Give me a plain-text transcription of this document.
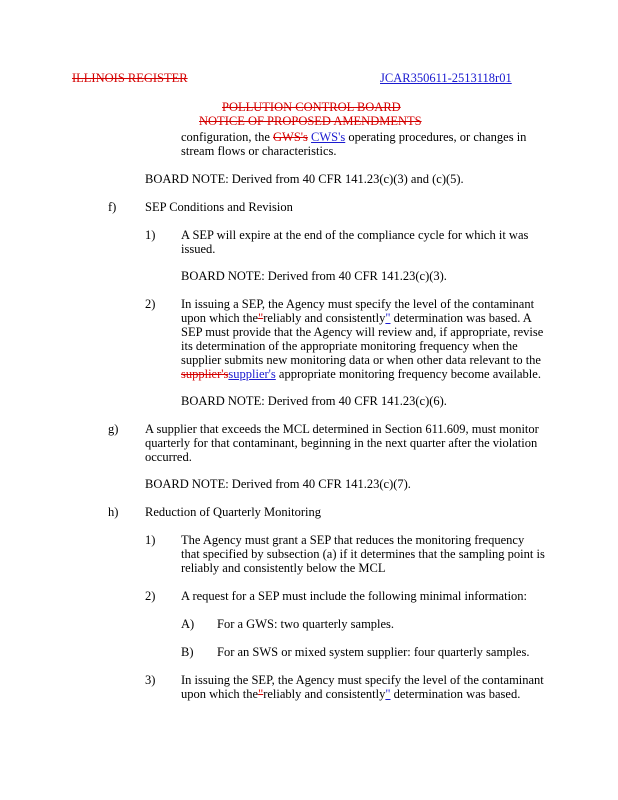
ILLINOIS REGISTER	JCAR350611-2513118r01
POLLUTION CONTROL BOARD
NOTICE OF PROPOSED AMENDMENTS
configuration, the GWS's CWS's operating procedures, or changes in
stream flows or characteristics.
BOARD NOTE: Derived from 40 CFR 141.23(c)(3) and (c)(5).
f) SEP Conditions and Revision
1) A SEP will expire at the end of the compliance cycle for which it was
issued.
BOARD NOTE: Derived from 40 CFR 141.23(c)(3).
2) In issuing a SEP, the Agency must specify the level of the contaminant
upon which the"reliably and consistently" determination was based. A
SEP must provide that the Agency will review and, if appropriate, revise
its determination of the appropriate monitoring frequency when the
supplier submits new monitoring data or when other data relevant to the
supplier'ssupplier's appropriate monitoring frequency become available.
BOARD NOTE: Derived from 40 CFR 141.23(c)(6).
g) A supplier that exceeds the MCL determined in Section 611.609, must monitor
quarterly for that contaminant, beginning in the next quarter after the violation
occurred.
BOARD NOTE: Derived from 40 CFR 141.23(c)(7).
h) Reduction of Quarterly Monitoring
1) The Agency must grant a SEP that reduces the monitoring frequency
that specified by subsection (a) if it determines that the sampling point is
reliably and consistently below the MCL
2) A request for a SEP must include the following minimal information:
A) For a GWS: two quarterly samples.
B) For an SWS or mixed system supplier: four quarterly samples.
3) In issuing the SEP, the Agency must specify the level of the contaminant
upon which the"reliably and consistently" determination was based.
